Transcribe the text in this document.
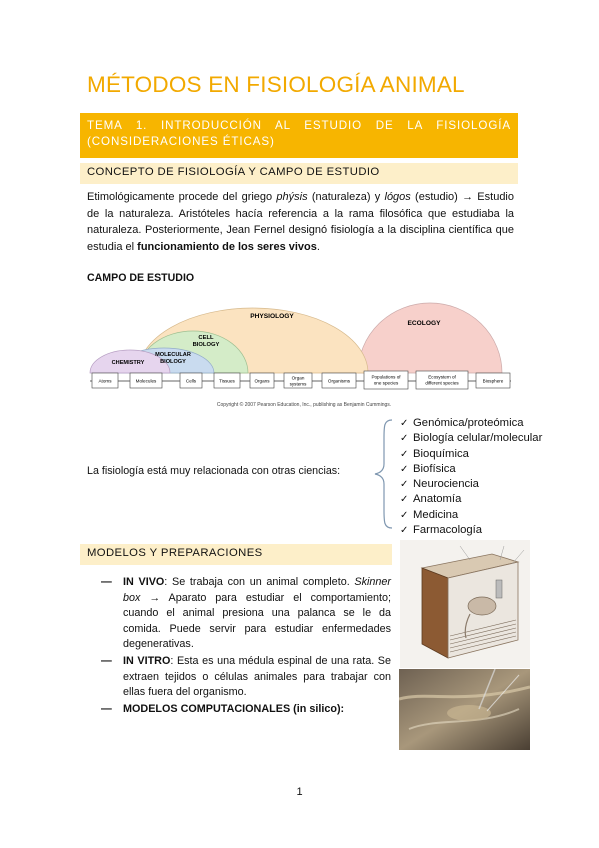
MÉTODOS EN FISIOLOGÍA ANIMAL
TEMA 1. INTRODUCCIÓN AL ESTUDIO DE LA FISIOLOGÍA (CONSIDERACIONES ÉTICAS)
CONCEPTO DE FISIOLOGÍA Y CAMPO DE ESTUDIO
Etimológicamente procede del griego phýsis (naturaleza) y lógos (estudio) → Estudio de la naturaleza. Aristóteles hacía referencia a la rama filosófica que estudiaba la naturaleza. Posteriormente, Jean Fernel designó fisiología a la disciplina científica que estudia el funcionamiento de los seres vivos.
CAMPO DE ESTUDIO
PHYSIOLOGY
ECOLOGY
CELL
BIOLOGY
MOLECULAR
BIOLOGY
CHEMISTRY
Atoms	Molecules	Cells	Tissues	Organs
Organ
systems
Organisms
Populations of
one species
Ecosystem of
different species	Biosphere
Copyright © 2007 Pearson Education, Inc., publishing as Benjamin Cummings.
La fisiología está muy relacionada con otras ciencias:
✓ Genómica/proteómica
✓ Biología celular/molecular
✓ Bioquímica
✓ Biofísica
✓ Neurociencia
✓ Anatomía
✓ Medicina
✓ Farmacología
MODELOS Y PREPARACIONES
— IN VIVO: Se trabaja con un animal completo. Skinner box → Aparato para estudiar el comportamiento; cuando el animal presiona una palanca se le da comida. Puede servir para estudiar enfermedades degenerativas.
— IN VITRO: Esta es una médula espinal de una rata. Se extraen tejidos o células animales para trabajar con ellas fuera del organismo.
— MODELOS COMPUTACIONALES (in silico):
1
